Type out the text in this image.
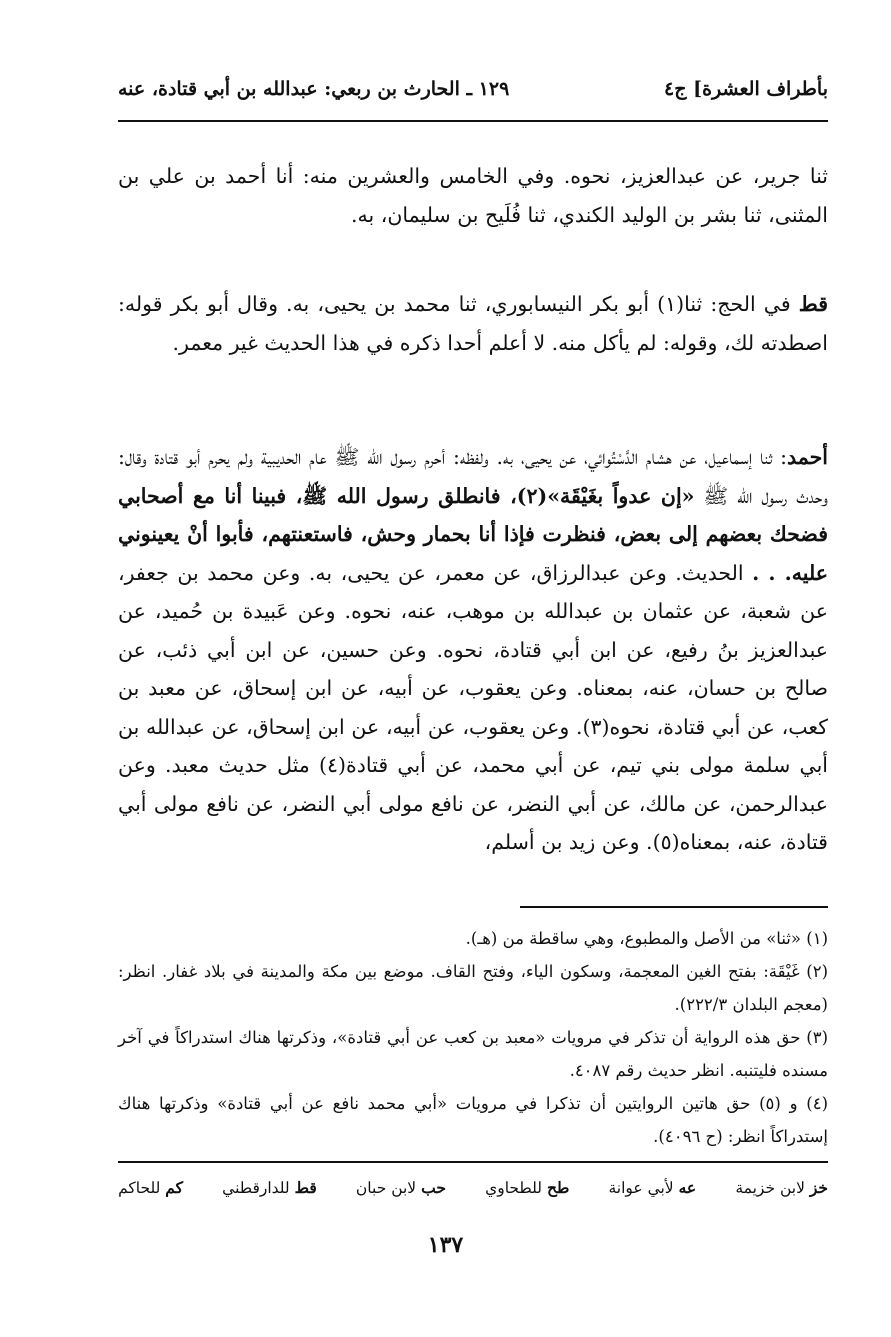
بأطراف العشرة] ج٤
١٢٩ ـ الحارث بن ربعي: عبدالله بن أبي قتادة، عنه

ثنا جرير، عن عبدالعزيز، نحوه. وفي الخامس والعشرين منه: أنا أحمد بن علي بن المثنى، ثنا بشر بن الوليد الكندي، ثنا فُلَيح بن سليمان، به.

قط في الحج: ثنا(١) أبو بكر النيسابوري، ثنا محمد بن يحيى، به. وقال أبو بكر قوله: اصطدته لك، وقوله: لم يأكل منه. لا أعلم أحدا ذكره في هذا الحديث غير معمر.

أحمد: ثنا إسماعيل، عن هشام الدَّسْتُوائي، عن يحيى، به. ولفظه: أحرم رسول الله ﷺ عام الحديبية ولم يحرم أبو قتادة وقال: وحدث رسول الله ﷺ «إن عدواً بغَيْقَة»(٢)، فانطلق رسول الله ﷺ، فبينا أنا مع أصحابي فضحك بعضهم إلى بعض، فنظرت فإذا أنا بحمار وحش، فاستعنتهم، فأبوا أنْ يعينوني عليه. . . الحديث. وعن عبدالرزاق، عن معمر، عن يحيى، به. وعن محمد بن جعفر، عن شعبة، عن عثمان بن عبدالله بن موهب، عنه، نحوه. وعن عَبيدة بن حُميد، عن عبدالعزيز بنُ رفيع، عن ابن أبي قتادة، نحوه. وعن حسين، عن ابن أبي ذئب، عن صالح بن حسان، عنه، بمعناه. وعن يعقوب، عن أبيه، عن ابن إسحاق، عن معبد بن كعب، عن أبي قتادة، نحوه(٣). وعن يعقوب، عن أبيه، عن ابن إسحاق، عن عبدالله بن أبي سلمة مولى بني تيم، عن أبي محمد، عن أبي قتادة(٤) مثل حديث معبد. وعن عبدالرحمن، عن مالك، عن أبي النضر، عن نافع مولى أبي النضر، عن نافع مولى أبي قتادة، عنه، بمعناه(٥). وعن زيد بن أسلم،

(١) «ثنا» من الأصل والمطبوع، وهي ساقطة من (هـ).

(٢) غَيْقَة: بفتح الغين المعجمة، وسكون الياء، وفتح القاف. موضع بين مكة والمدينة في بلاد غفار. انظر: (معجم البلدان ٢٢٢/٣).

(٣) حق هذه الرواية أن تذكر في مرويات «معبد بن كعب عن أبي قتادة»، وذكرتها هناك استدراكاً في آخر مسنده فليتنبه. انظر حديث رقم ٤٠٨٧.

(٤) و (٥) حق هاتين الروايتين أن تذكرا في مرويات «أبي محمد نافع عن أبي قتادة» وذكرتها هناك إستدراكاً انظر: (ح ٤٠٩٦).

خز لابن خزيمة
عه لأبي عوانة
طح للطحاوي
حب لابن حبان
قط للدارقطني
كم للحاكم
١٣٧
